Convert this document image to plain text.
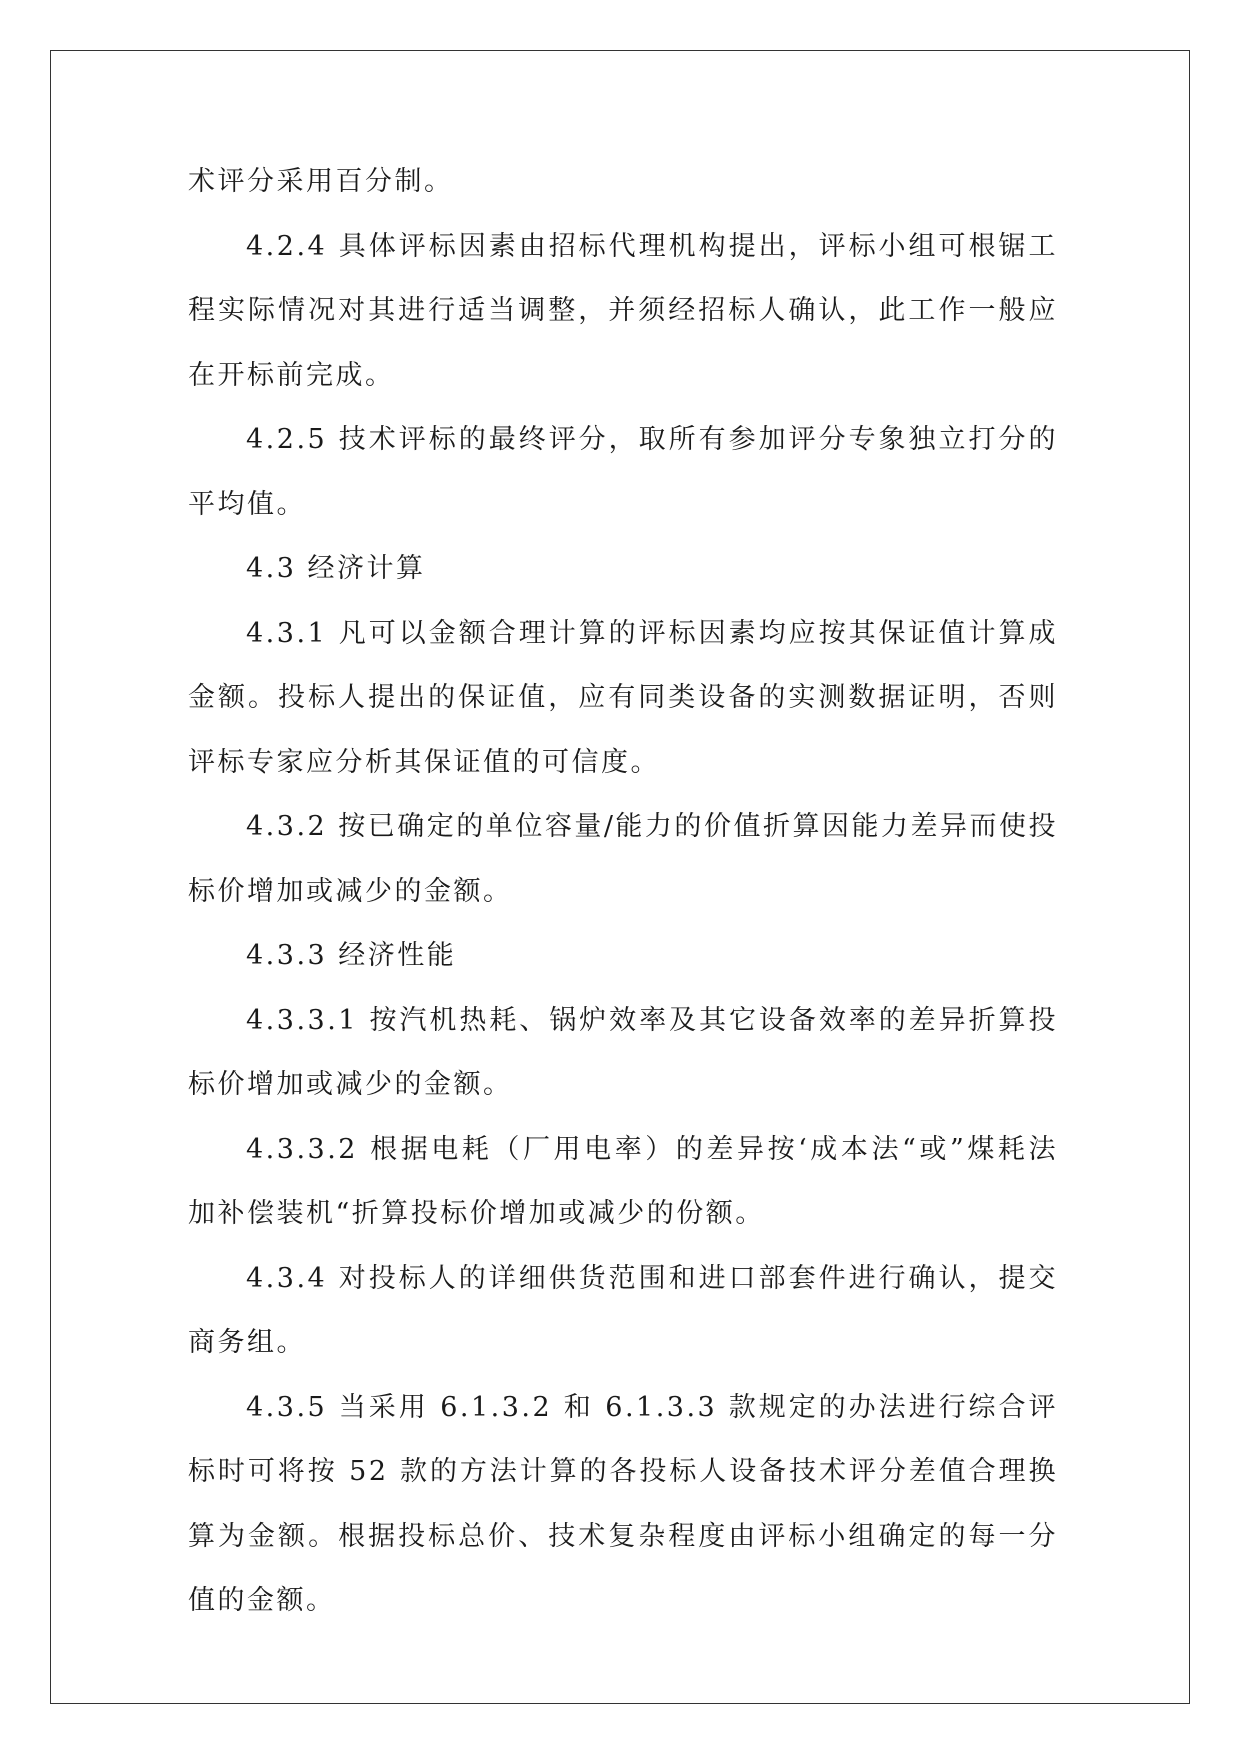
术评分采用百分制。

4.2.4 具体评标因素由招标代理机构提出，评标小组可根锯工程实际情况对其进行适当调整，并须经招标人确认，此工作一般应在开标前完成。

4.2.5 技术评标的最终评分，取所有参加评分专象独立打分的平均值。

4.3 经济计算

4.3.1 凡可以金额合理计算的评标因素均应按其保证值计算成金额。投标人提出的保证值，应有同类设备的实测数据证明，否则评标专家应分析其保证值的可信度。

4.3.2 按已确定的单位容量/能力的价值折算因能力差异而使投标价增加或减少的金额。

4.3.3 经济性能

4.3.3.1 按汽机热耗、锅炉效率及其它设备效率的差异折算投标价增加或减少的金额。

4.3.3.2 根据电耗（厂用电率）的差异按‘成本法“或”煤耗法加补偿装机“折算投标价增加或减少的份额。

4.3.4 对投标人的详细供货范围和进口部套件进行确认，提交商务组。

4.3.5 当采用 6.1.3.2 和 6.1.3.3 款规定的办法进行综合评标时可将按 52 款的方法计算的各投标人设备技术评分差值合理换算为金额。根据投标总价、技术复杂程度由评标小组确定的每一分值的金额。
